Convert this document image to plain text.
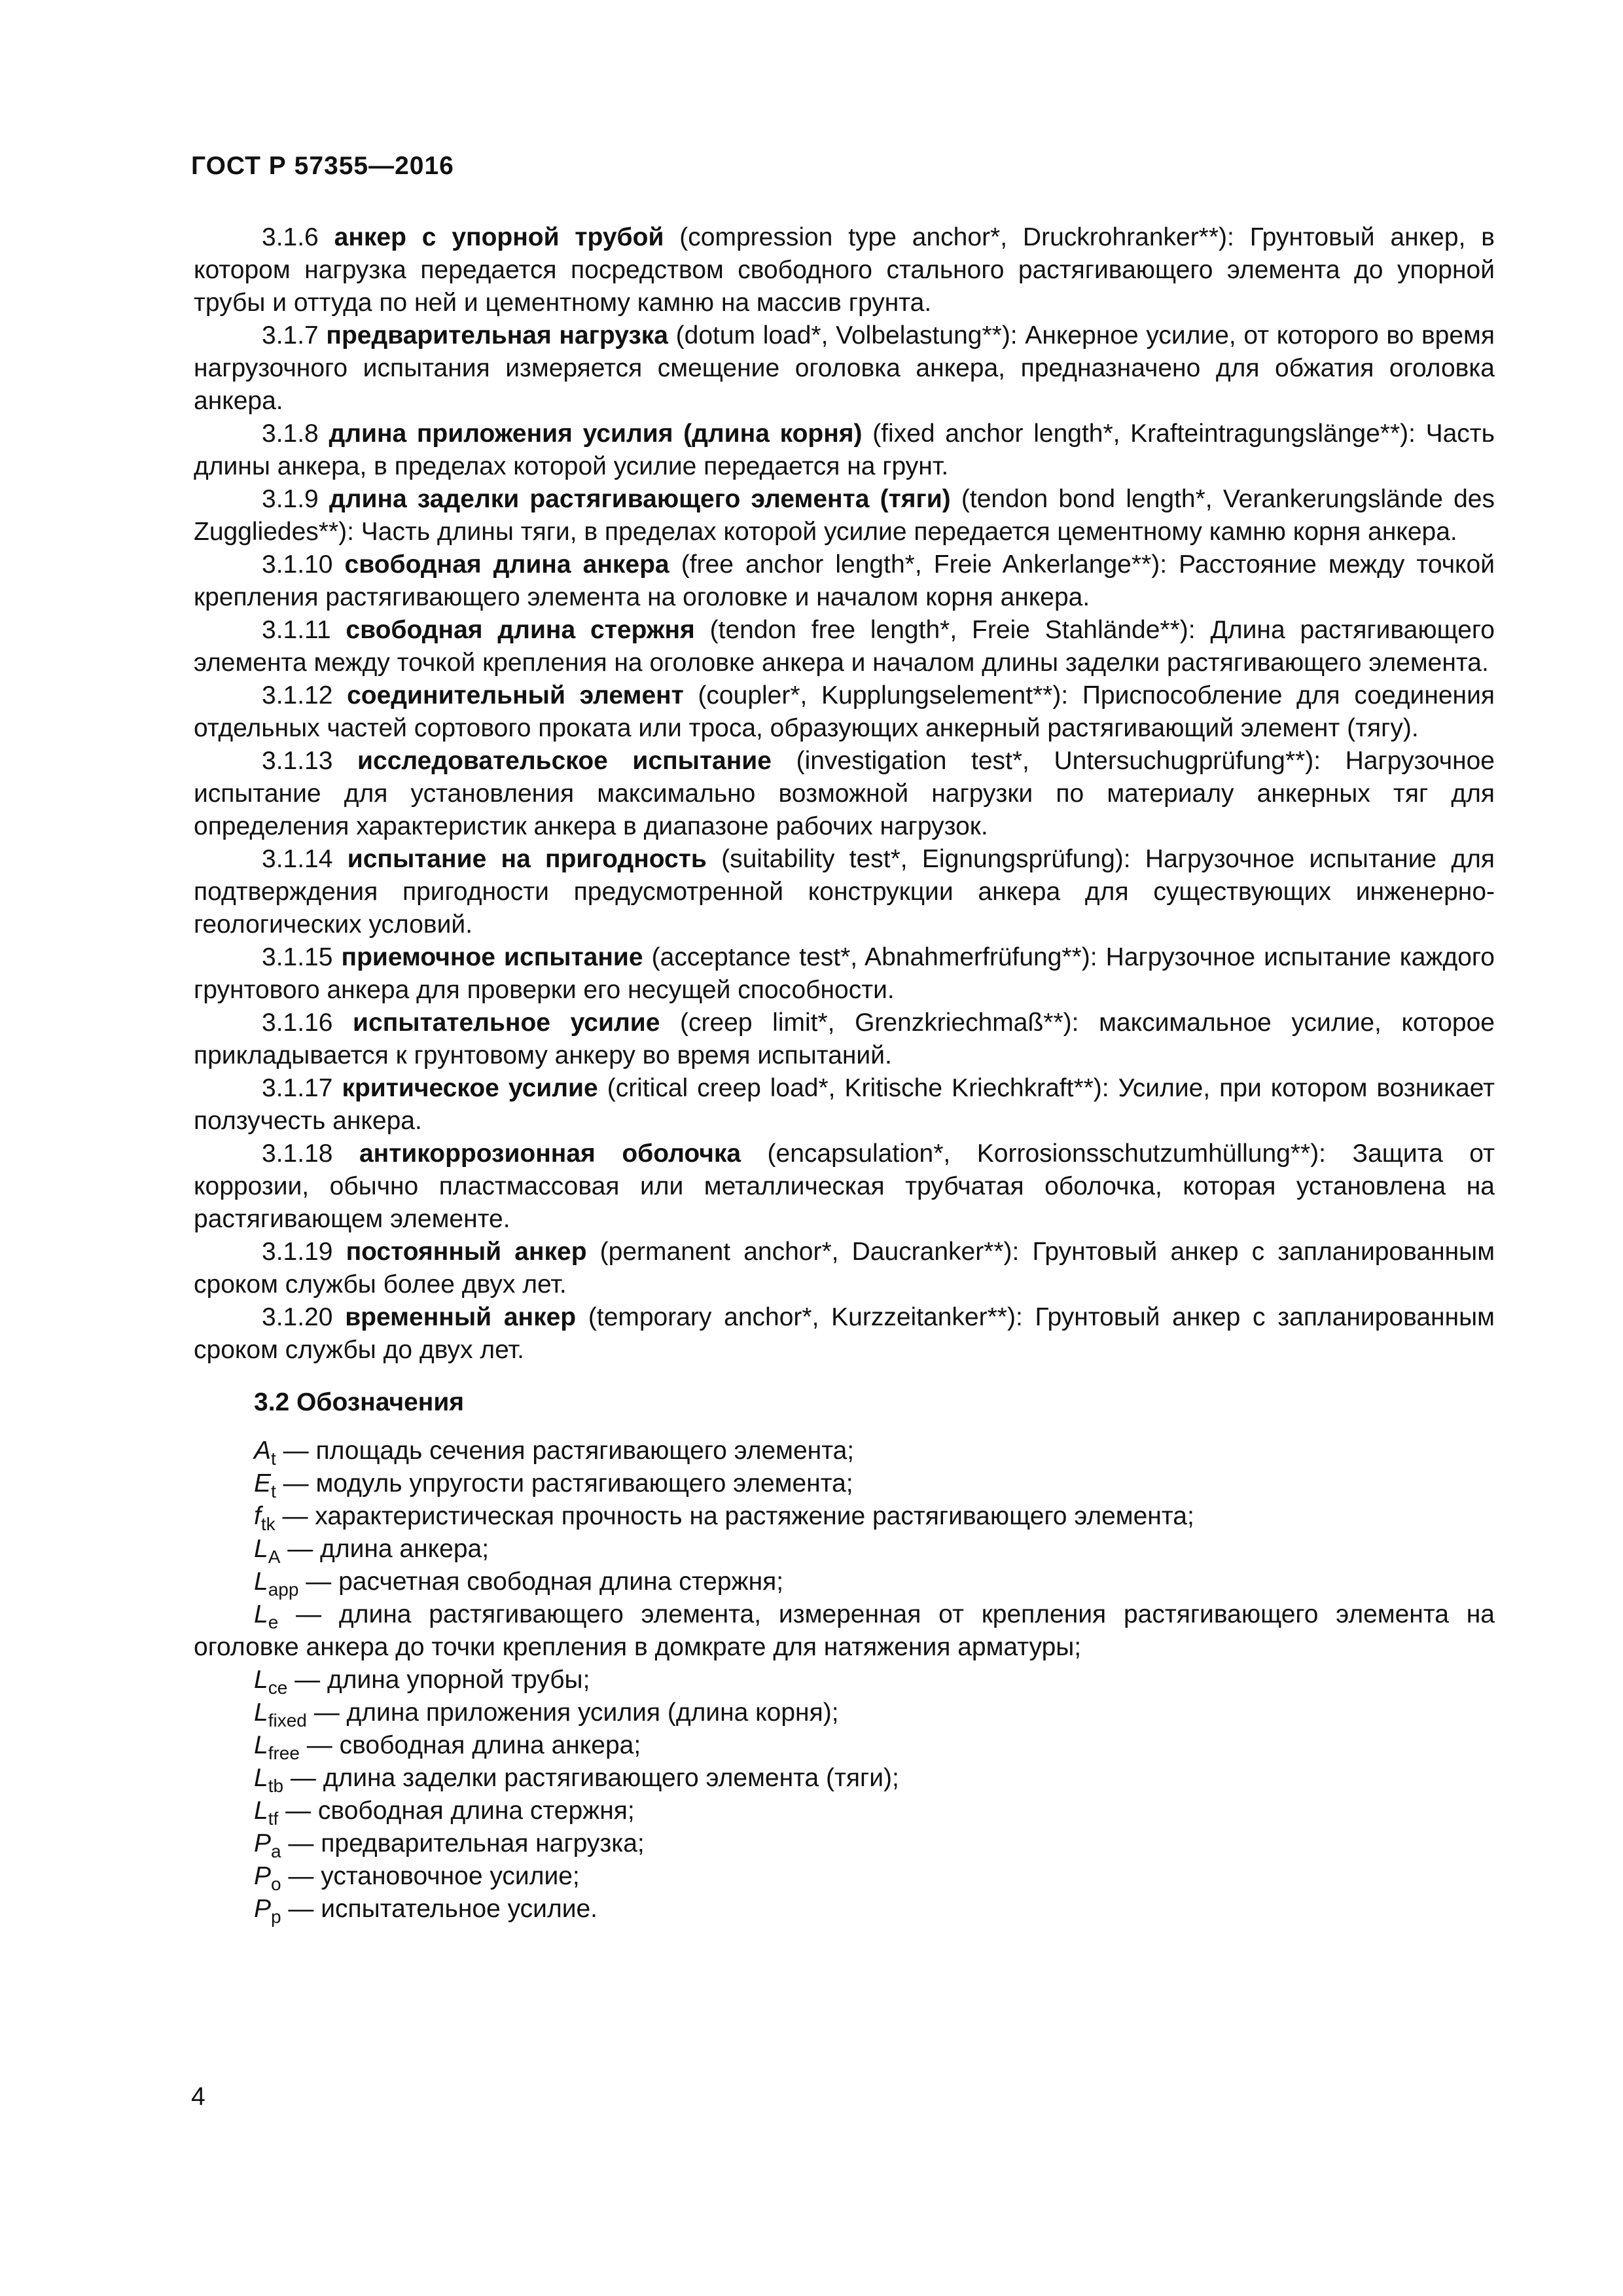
ГОСТ Р 57355—2016

3.1.6 анкер с упорной трубой (compression type anchor*, Druckrohranker**): Грунтовый анкер, в котором нагрузка передается посредством свободного стального растягивающего элемента до упорной трубы и оттуда по ней и цементному камню на массив грунта.

3.1.7 предварительная нагрузка (dotum load*, Volbelastung**): Анкерное усилие, от которого во время нагрузочного испытания измеряется смещение оголовка анкера, предназначено для обжатия оголовка анкера.

3.1.8 длина приложения усилия (длина корня) (fixed anchor length*, Krafteintragungslänge**): Часть длины анкера, в пределах которой усилие передается на грунт.

3.1.9 длина заделки растягивающего элемента (тяги) (tendon bond length*, Verankerungslände des Zuggliedes**): Часть длины тяги, в пределах которой усилие передается цементному камню корня анкера.

3.1.10 свободная длина анкера (free anchor length*, Freie Ankerlange**): Расстояние между точкой крепления растягивающего элемента на оголовке и началом корня анкера.

3.1.11 свободная длина стержня (tendon free length*, Freie Stahlände**): Длина растягивающего элемента между точкой крепления на оголовке анкера и началом длины заделки растягивающего элемента.

3.1.12 соединительный элемент (coupler*, Kupplungselement**): Приспособление для соединения отдельных частей сортового проката или троса, образующих анкерный растягивающий элемент (тягу).

3.1.13 исследовательское испытание (investigation test*, Untersuchugprüfung**): Нагрузочное испытание для установления максимально возможной нагрузки по материалу анкерных тяг для определения характеристик анкера в диапазоне рабочих нагрузок.

3.1.14 испытание на пригодность (suitability test*, Eignungsprüfung): Нагрузочное испытание для подтверждения пригодности предусмотренной конструкции анкера для существующих инженерно-геологических условий.

3.1.15 приемочное испытание (acceptance test*, Abnahmerfrüfung**): Нагрузочное испытание каждого грунтового анкера для проверки его несущей способности.

3.1.16 испытательное усилие (creep limit*, Grenzkriechmaß**): максимальное усилие, которое прикладывается к грунтовому анкеру во время испытаний.

3.1.17 критическое усилие (critical creep load*, Kritische Kriechkraft**): Усилие, при котором возникает ползучесть анкера.

3.1.18 антикоррозионная оболочка (encapsulation*, Korrosionsschutzumhüllung**): Защита от коррозии, обычно пластмассовая или металлическая трубчатая оболочка, которая установлена на растягивающем элементе.

3.1.19 постоянный анкер (permanent anchor*, Daucranker**): Грунтовый анкер с запланированным сроком службы более двух лет.

3.1.20 временный анкер (temporary anchor*, Kurzzeitanker**): Грунтовый анкер с запланированным сроком службы до двух лет.

3.2 Обозначения

$A_t$ — площадь сечения растягивающего элемента;

$E_t$ — модуль упругости растягивающего элемента;

$f_{tk}$ — характеристическая прочность на растяжение растягивающего элемента;

$L_A$ — длина анкера;

$L_{app}$ — расчетная свободная длина стержня;

$L_e$ — длина растягивающего элемента, измеренная от крепления растягивающего элемента на оголовке анкера до точки крепления в домкрате для натяжения арматуры;

$L_{ce}$ — длина упорной трубы;

$L_{fixed}$ — длина приложения усилия (длина корня);

$L_{free}$ — свободная длина анкера;

$L_{tb}$ — длина заделки растягивающего элемента (тяги);

$L_{tf}$ — свободная длина стержня;

$P_a$ — предварительная нагрузка;

$P_o$ — установочное усилие;

$P_p$ — испытательное усилие.

4
